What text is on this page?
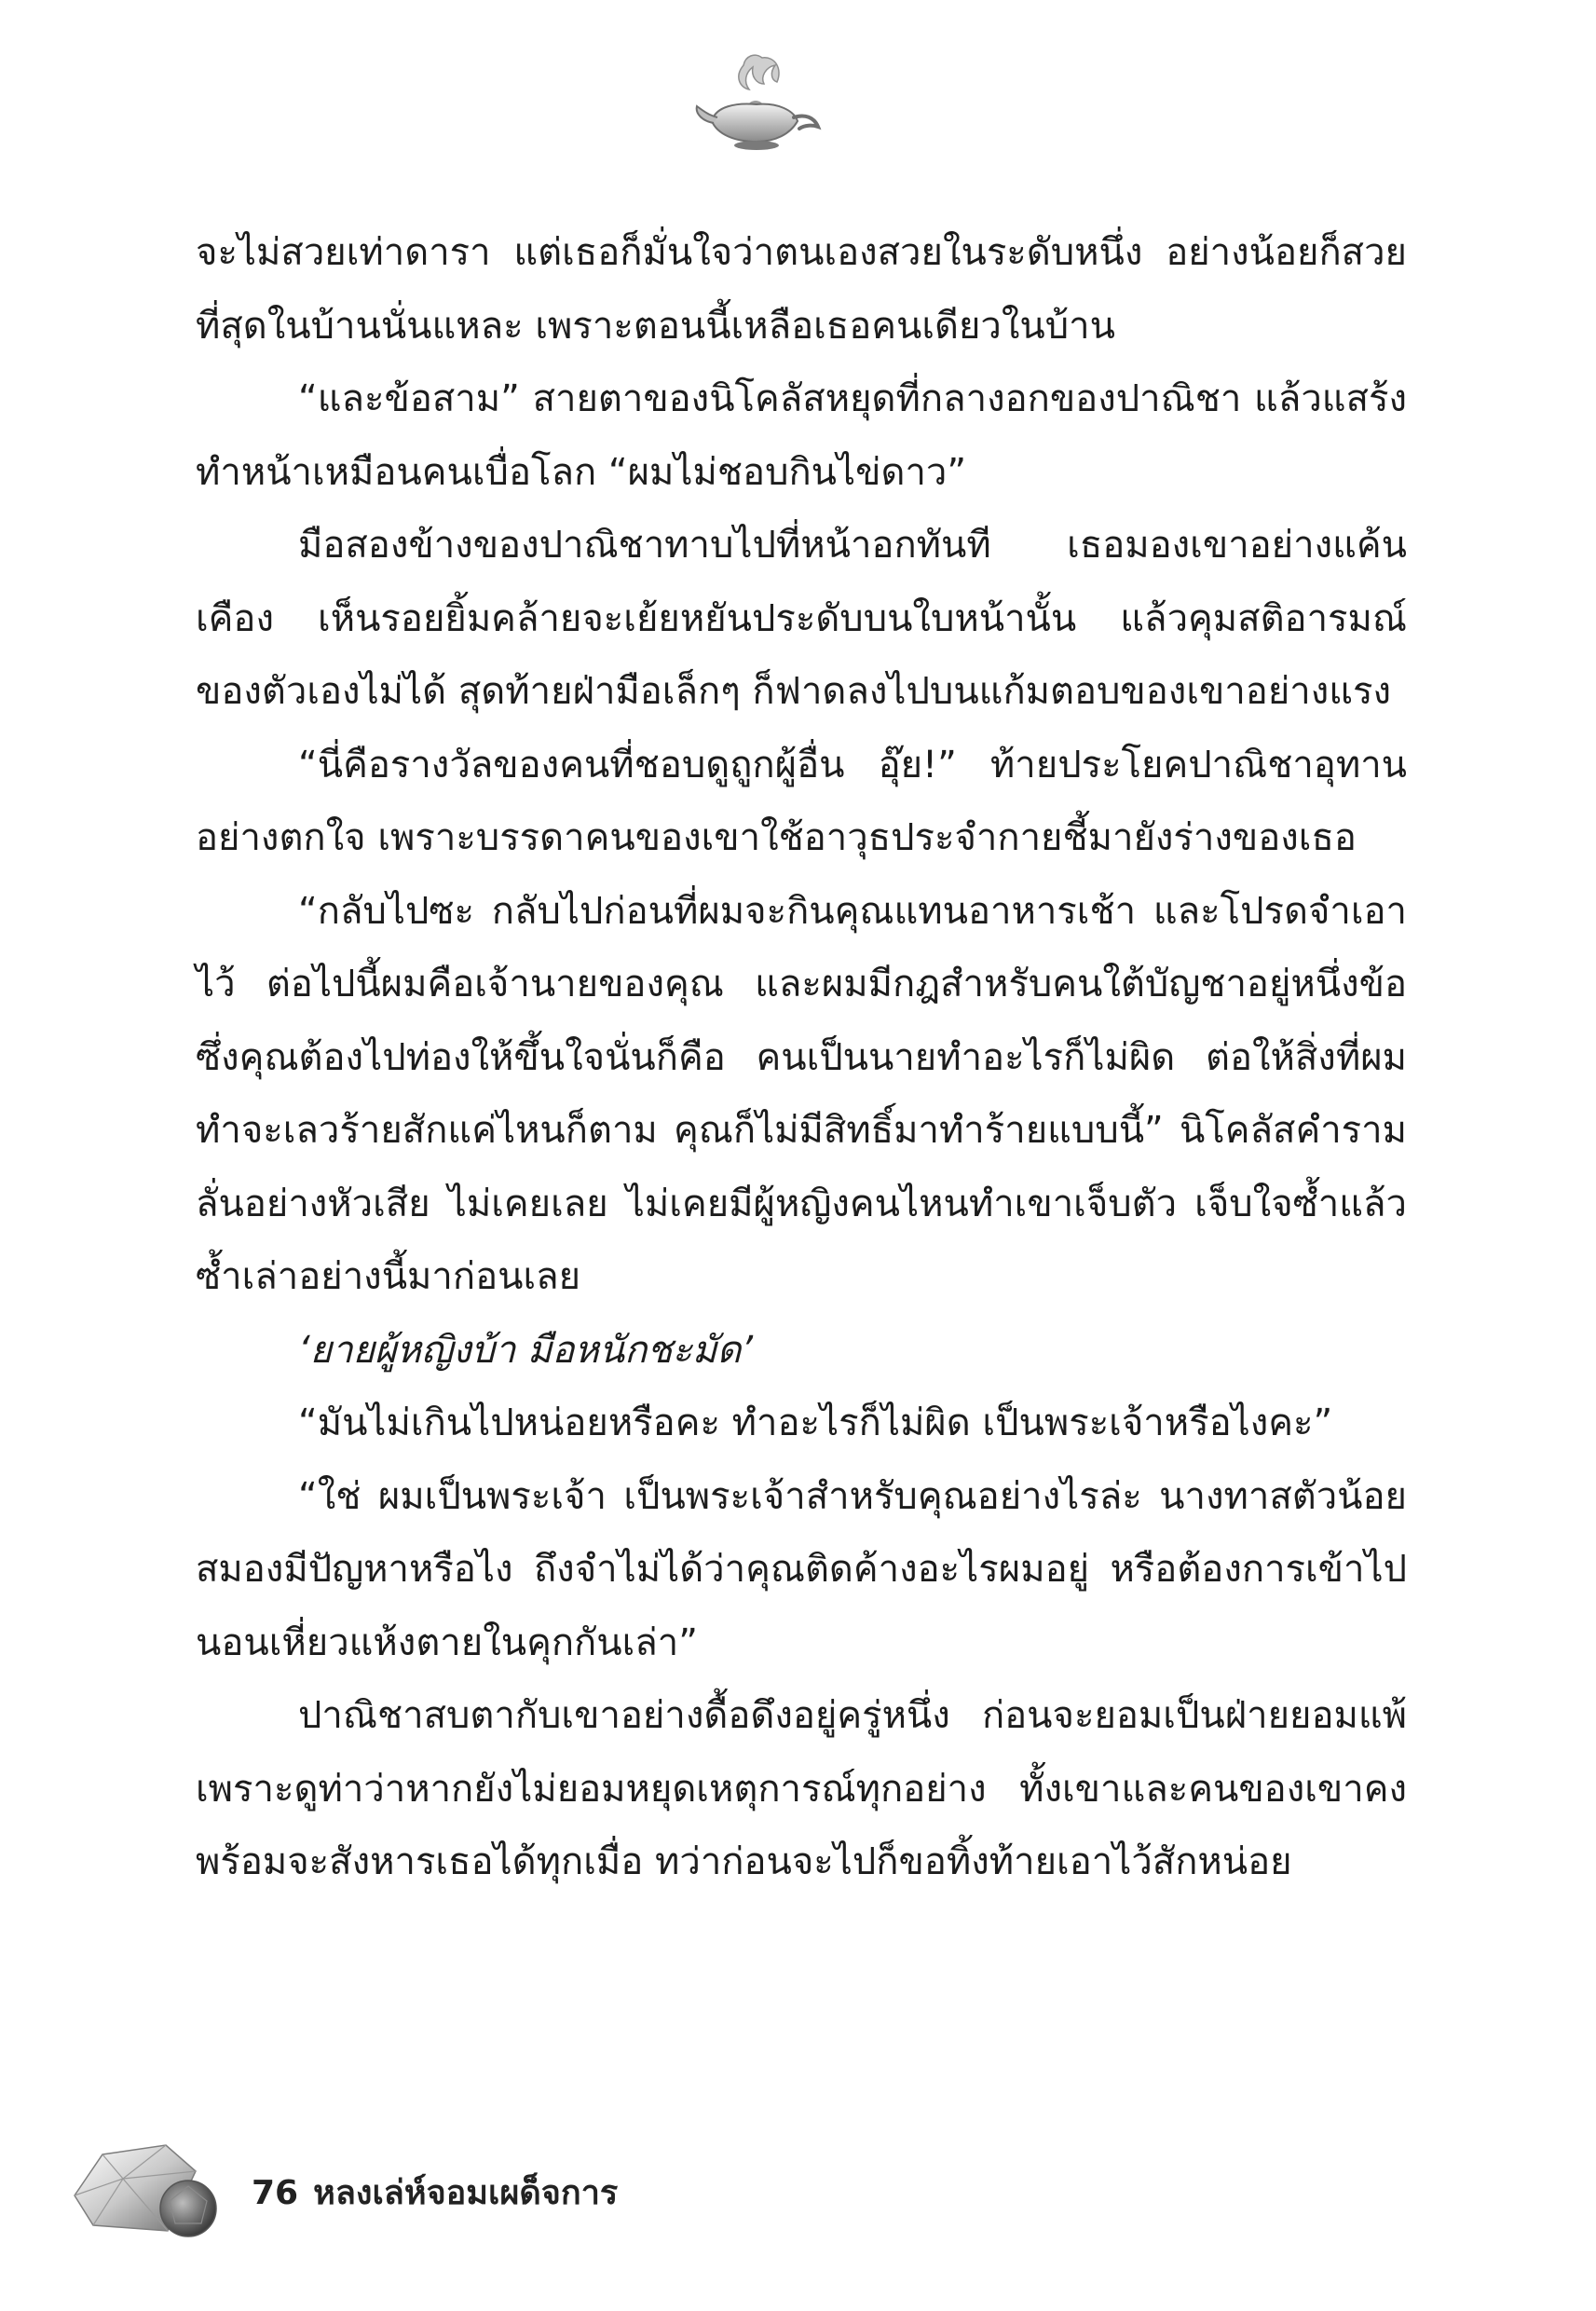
จะไม่สวยเท่าดารา แต่เธอก็มั่นใจว่าตนเองสวยในระดับหนึ่ง อย่างน้อยก็สวยที่สุดในบ้านนั่นแหละ เพราะตอนนี้เหลือเธอคนเดียวในบ้าน

“และข้อสาม” สายตาของนิโคลัสหยุดที่กลางอกของปาณิชา แล้วแสร้งทำหน้าเหมือนคนเบื่อโลก “ผมไม่ชอบกินไข่ดาว”

มือสองข้างของปาณิชาทาบไปที่หน้าอกทันที เธอมองเขาอย่างแค้นเคือง เห็นรอยยิ้มคล้ายจะเย้ยหยันประดับบนใบหน้านั้น แล้วคุมสติอารมณ์ของตัวเองไม่ได้ สุดท้ายฝ่ามือเล็กๆ ก็ฟาดลงไปบนแก้มตอบของเขาอย่างแรง

“นี่คือรางวัลของคนที่ชอบดูถูกผู้อื่น อุ๊ย!” ท้ายประโยคปาณิชาอุทานอย่างตกใจ เพราะบรรดาคนของเขาใช้อาวุธประจำกายชี้มายังร่างของเธอ

“กลับไปซะ กลับไปก่อนที่ผมจะกินคุณแทนอาหารเช้า และโปรดจำเอาไว้ ต่อไปนี้ผมคือเจ้านายของคุณ และผมมีกฎสำหรับคนใต้บัญชาอยู่หนึ่งข้อ ซึ่งคุณต้องไปท่องให้ขึ้นใจนั่นก็คือ คนเป็นนายทำอะไรก็ไม่ผิด ต่อให้สิ่งที่ผมทำจะเลวร้ายสักแค่ไหนก็ตาม คุณก็ไม่มีสิทธิ์มาทำร้ายแบบนี้” นิโคลัสคำรามลั่นอย่างหัวเสีย ไม่เคยเลย ไม่เคยมีผู้หญิงคนไหนทำเขาเจ็บตัว เจ็บใจซ้ำแล้วซ้ำเล่าอย่างนี้มาก่อนเลย

‘ยายผู้หญิงบ้า มือหนักชะมัด’

“มันไม่เกินไปหน่อยหรือคะ ทำอะไรก็ไม่ผิด เป็นพระเจ้าหรือไงคะ”

“ใช่ ผมเป็นพระเจ้า เป็นพระเจ้าสำหรับคุณอย่างไรล่ะ นางทาสตัวน้อย สมองมีปัญหาหรือไง ถึงจำไม่ได้ว่าคุณติดค้างอะไรผมอยู่ หรือต้องการเข้าไปนอนเหี่ยวแห้งตายในคุกกันเล่า”

ปาณิชาสบตากับเขาอย่างดื้อดึงอยู่ครู่หนึ่ง ก่อนจะยอมเป็นฝ่ายยอมแพ้ เพราะดูท่าว่าหากยังไม่ยอมหยุดเหตุการณ์ทุกอย่าง ทั้งเขาและคนของเขาคงพร้อมจะสังหารเธอได้ทุกเมื่อ ทว่าก่อนจะไปก็ขอทิ้งท้ายเอาไว้สักหน่อย

76 หลงเล่ห์จอมเผด็จการ
